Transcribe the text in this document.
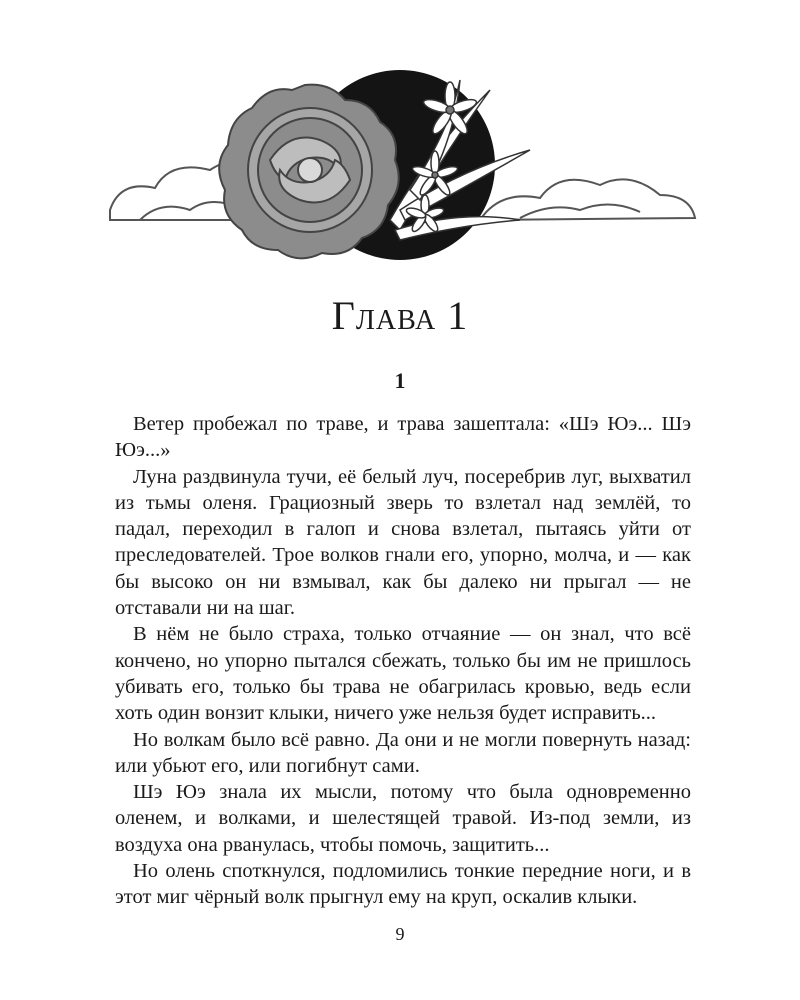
Глава 1
1

Ветер пробежал по траве, и трава зашептала: «Шэ Юэ... Шэ Юэ...»

Луна раздвинула тучи, её белый луч, посеребрив луг, выхватил из тьмы оленя. Грациозный зверь то взлетал над землёй, то падал, переходил в галоп и снова взлетал, пытаясь уйти от преследователей. Трое волков гнали его, упорно, молча, и — как бы высоко он ни взмывал, как бы далеко ни прыгал — не отставали ни на шаг.

В нём не было страха, только отчаяние — он знал, что всё кончено, но упорно пытался сбежать, только бы им не пришлось убивать его, только бы трава не обагрилась кровью, ведь если хоть один вонзит клыки, ничего уже нельзя будет исправить...

Но волкам было всё равно. Да они и не могли повернуть назад: или убьют его, или погибнут сами.

Шэ Юэ знала их мысли, потому что была одновременно оленем, и волками, и шелестящей травой. Из-под земли, из воздуха она рванулась, чтобы помочь, защитить...

Но олень споткнулся, подломились тонкие передние ноги, и в этот миг чёрный волк прыгнул ему на круп, оскалив клыки.

9
